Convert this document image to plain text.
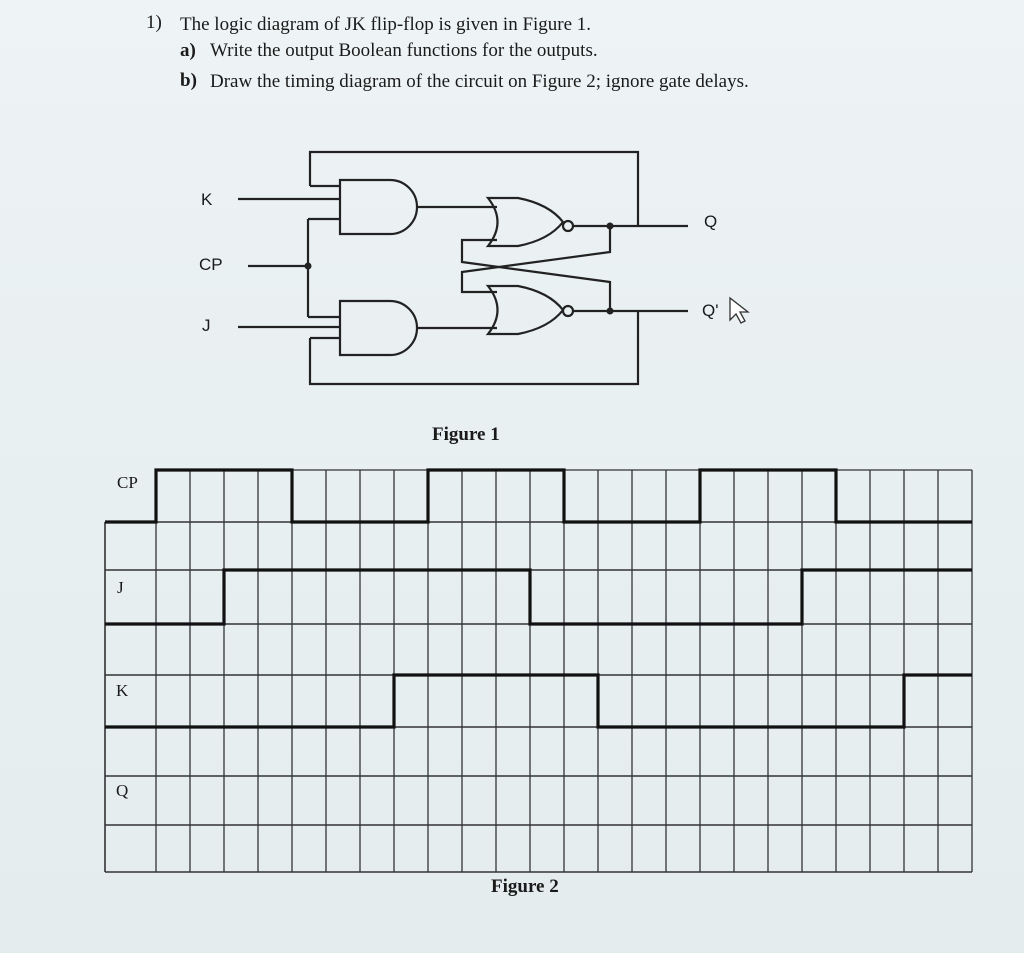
1) The logic diagram of JK flip-flop is given in Figure 1.
a) Write the output Boolean functions for the outputs.
b) Draw the timing diagram of the circuit on Figure 2; ignore gate delays.
K
CP
J
Q
Q'
Figure 1
CP
J
K
Q
Figure 2
